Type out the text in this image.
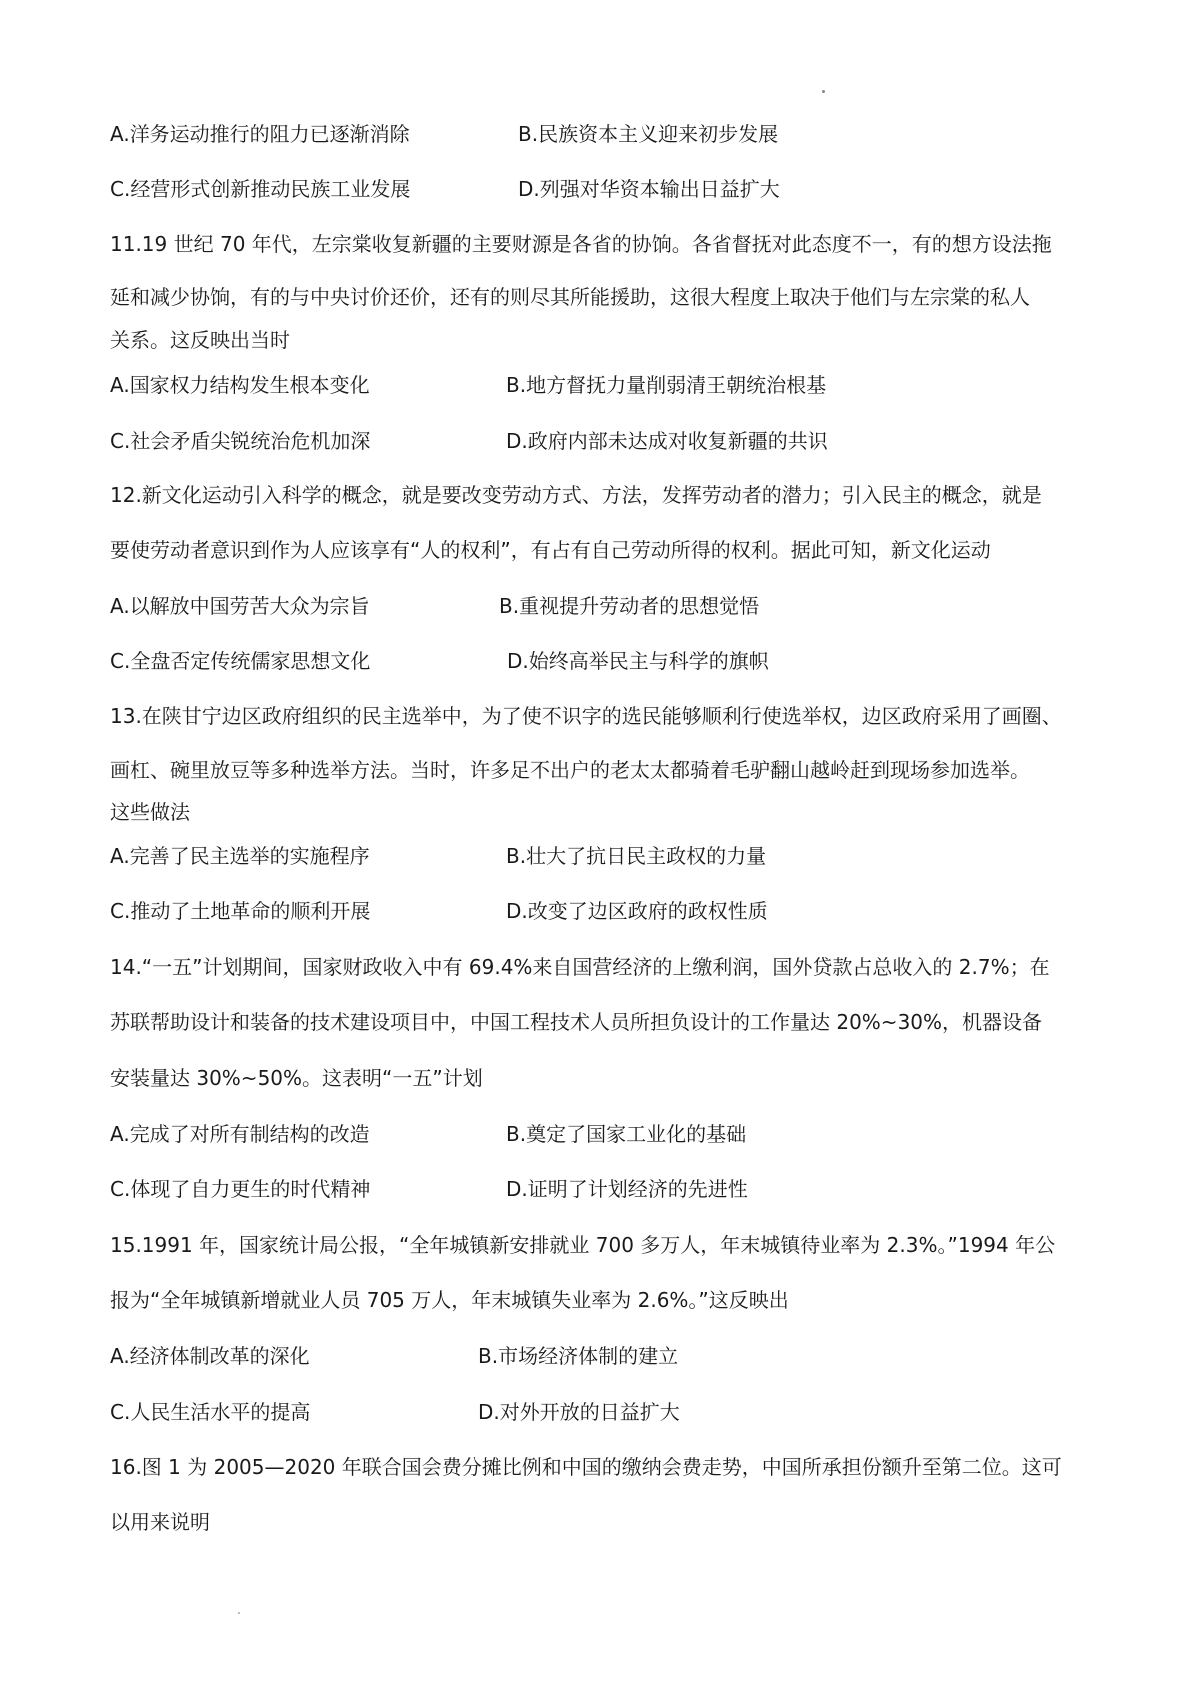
A.洋务运动推行的阻力已逐渐消除	B.民族资本主义迎来初步发展
C.经营形式创新推动民族工业发展	D.列强对华资本输出日益扩大
11.19 世纪 70 年代，左宗棠收复新疆的主要财源是各省的协饷。各省督抚对此态度不一，有的想方设法拖
延和减少协饷，有的与中央讨价还价，还有的则尽其所能援助，这很大程度上取决于他们与左宗棠的私人
关系。这反映出当时
A.国家权力结构发生根本变化	B.地方督抚力量削弱清王朝统治根基
C.社会矛盾尖锐统治危机加深	D.政府内部未达成对收复新疆的共识
12.新文化运动引入科学的概念，就是要改变劳动方式、方法，发挥劳动者的潜力；引入民主的概念，就是
要使劳动者意识到作为人应该享有“人的权利”，有占有自己劳动所得的权利。据此可知，新文化运动
A.以解放中国劳苦大众为宗旨	B.重视提升劳动者的思想觉悟
C.全盘否定传统儒家思想文化	D.始终高举民主与科学的旗帜
13.在陕甘宁边区政府组织的民主选举中，为了使不识字的选民能够顺利行使选举权，边区政府采用了画圈、
画杠、碗里放豆等多种选举方法。当时，许多足不出户的老太太都骑着毛驴翻山越岭赶到现场参加选举。
这些做法
A.完善了民主选举的实施程序	B.壮大了抗日民主政权的力量
C.推动了土地革命的顺利开展	D.改变了边区政府的政权性质
14.“一五”计划期间，国家财政收入中有 69.4%来自国营经济的上缴利润，国外贷款占总收入的 2.7%；在
苏联帮助设计和装备的技术建设项目中，中国工程技术人员所担负设计的工作量达 20%~30%，机器设备
安装量达 30%~50%。这表明“一五”计划
A.完成了对所有制结构的改造	B.奠定了国家工业化的基础
C.体现了自力更生的时代精神	D.证明了计划经济的先进性
15.1991 年，国家统计局公报，“全年城镇新安排就业 700 多万人，年末城镇待业率为 2.3%。”1994 年公
报为“全年城镇新增就业人员 705 万人，年末城镇失业率为 2.6%。”这反映出
A.经济体制改革的深化	B.市场经济体制的建立
C.人民生活水平的提高	D.对外开放的日益扩大
16.图 1 为 2005—2020 年联合国会费分摊比例和中国的缴纳会费走势，中国所承担份额升至第二位。这可
以用来说明
